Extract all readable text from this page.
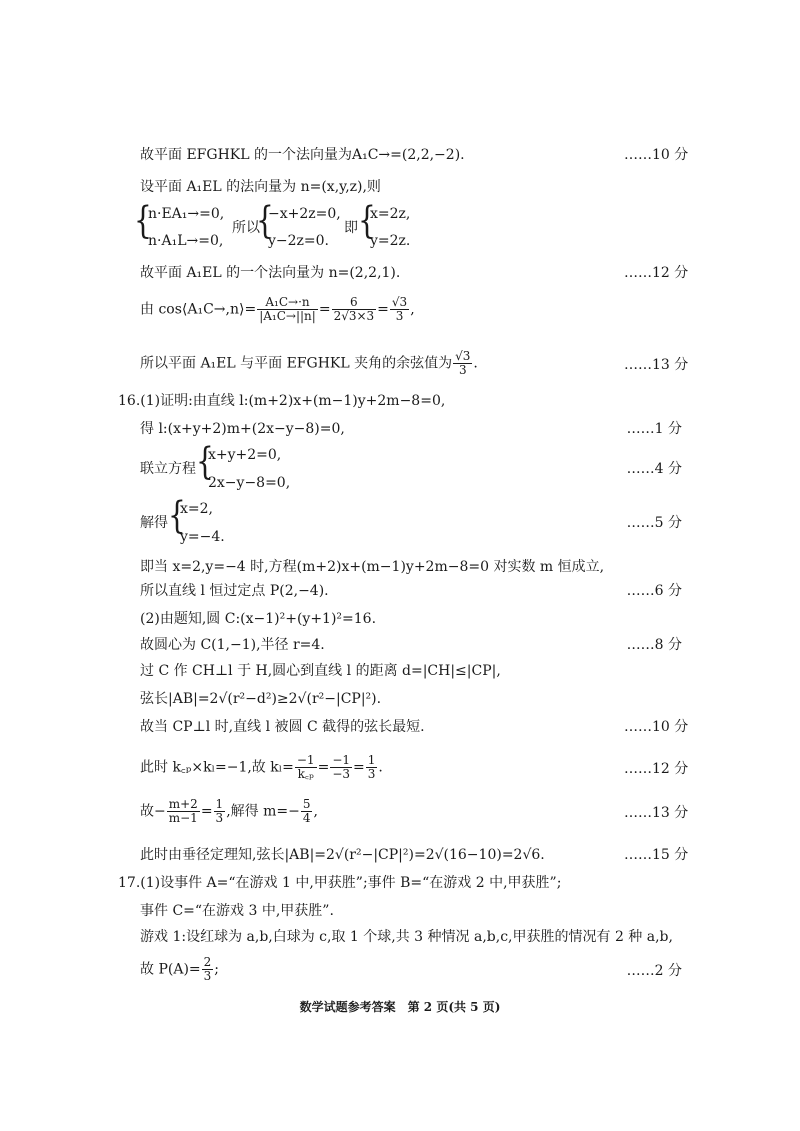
故平面 EFGHKL 的一个法向量为A₁C→=(2,2,−2).	……10 分
设平面 A₁EL 的法向量为 n=(x,y,z),则
{
n·EA₁→=0,
n·A₁L→=0,
所以
{
−x+2z=0,
y−2z=0.
即 {
x=2z,
y=2z.
故平面 A₁EL 的一个法向量为 n=(2,2,1).	……12 分
由 cos⟨A₁C→,n⟩= $\frac{\text{A₁C→·n}}{\text{|A₁C→||n|}} = \frac{6}{2√3\times 3} = \frac{√3}{3}$ ,
所以平面 A₁EL 与平面 EFGHKL 夹角的余弦值为 $\frac{√3}{3}$ .	……13 分
16.(1)证明:由直线 l:(m+2)x+(m−1)y+2m−8=0,
得 l:(x+y+2)m+(2x−y−8)=0,	……1 分
联立方程 {
x+y+2=0,
2x−y−8=0,
……4 分
解得 {
x=2,
y=−4.
……5 分
即当 x=2,y=−4 时,方程(m+2)x+(m−1)y+2m−8=0 对实数 m 恒成立,
所以直线 l 恒过定点 P(2,−4).	……6 分
(2)由题知,圆 C:(x−1)²+(y+1)²=16.
故圆心为 C(1,−1),半径 r=4.	……8 分
过 C 作 CH⊥l 于 H,圆心到直线 l 的距离 d=|CH|≤|CP|,
弦长|AB|=2√(r²−d²)≥2√(r²−|CP|²).
故当 CP⊥l 时,直线 l 被圆 C 截得的弦长最短.	……10 分
此时 k꜀ₚ×kₗ=−1,故 $k_l= \frac{-1}{\text{k꜀ₚ}} = \frac{-1}{-3} = \frac{1}{3}$ .	……12 分
故− $\frac{m+2}{m-1} = \frac{1}{3}$ ,解得 $m=- \frac{5}{4}$ ,	……13 分
此时由垂径定理知,弦长|AB|=2√(r²−|CP|²)=2√(16−10)=2√6.	……15 分
17.(1)设事件 A=“在游戏 1 中,甲获胜”;事件 B=“在游戏 2 中,甲获胜”;
事件 C=“在游戏 3 中,甲获胜”.
游戏 1:设红球为 a,b,白球为 c,取 1 个球,共 3 种情况 a,b,c,甲获胜的情况有 2 种 a,b,
故 $P(A)= \frac{2}{3}$ ;	……2 分
数学试题参考答案　第 2 页(共 5 页)
